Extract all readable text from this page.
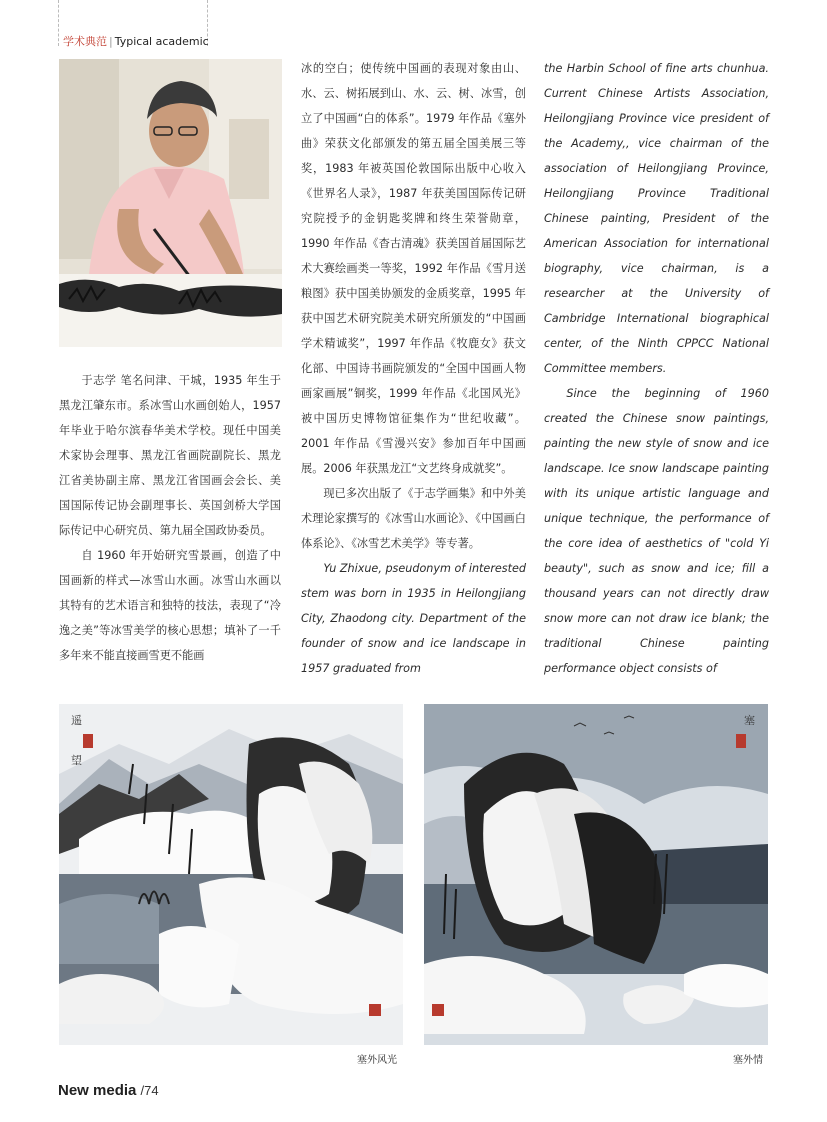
学术典范 | Typical academic

于志学 笔名问津、干城，1935 年生于黑龙江肇东市。系冰雪山水画创始人，1957 年毕业于哈尔滨春华美术学校。现任中国美术家协会理事、黑龙江省画院副院长、黑龙江省美协副主席、黑龙江省国画会会长、美国国际传记协会副理事长、英国剑桥大学国际传记中心研究员、第九届全国政协委员。

自 1960 年开始研究雪景画，创造了中国画新的样式—冰雪山水画。冰雪山水画以其特有的艺术语言和独特的技法，表现了“冷逸之美”等冰雪美学的核心思想；填补了一千多年来不能直接画雪更不能画

冰的空白；使传统中国画的表现对象由山、水、云、树拓展到山、水、云、树、冰雪，创立了中国画“白的体系”。1979 年作品《塞外曲》荣获文化部颁发的第五届全国美展三等奖，1983 年被英国伦敦国际出版中心收入《世界名人录》，1987 年获美国国际传记研究院授予的金钥匙奖牌和终生荣誉勋章，1990 年作品《杳古清魂》获美国首届国际艺术大赛绘画类一等奖，1992 年作品《雪月送粮图》获中国美协颁发的金质奖章，1995 年获中国艺术研究院美术研究所颁发的“中国画学术精诚奖”，1997 年作品《牧鹿女》获文化部、中国诗书画院颁发的“全国中国画人物画家画展”铜奖，1999 年作品《北国风光》被中国历史博物馆征集作为“世纪收藏”。2001 年作品《雪漫兴安》参加百年中国画展。2006 年获黑龙江“文艺终身成就奖”。

现已多次出版了《于志学画集》和中外美术理论家撰写的《冰雪山水画论》、《中国画白体系论》、《冰雪艺术美学》等专著。

Yu Zhixue, pseudonym of interested stem was born in 1935 in Heilongjiang City, Zhaodong city. Department of the founder of snow and ice landscape in 1957 graduated from

the Harbin School of fine arts chunhua. Current Chinese Artists Association, Heilongjiang Province vice president of the Academy,, vice chairman of the association of Heilongjiang Province, Heilongjiang Province Traditional Chinese painting, President of the American Association for international biography, vice chairman, is a researcher at the University of Cambridge International biographical center, of the Ninth CPPCC National Committee members.

Since the beginning of 1960 created the Chinese snow paintings, painting the new style of snow and ice landscape. Ice snow landscape painting with its unique artistic language and unique technique, the performance of the core idea of aesthetics of "cold Yi beauty", such as snow and ice; fill a thousand years can not directly draw snow more can not draw ice blank; the traditional Chinese painting performance object consists of

遥
望
塞外风光
塞
塞外情
New media /74
